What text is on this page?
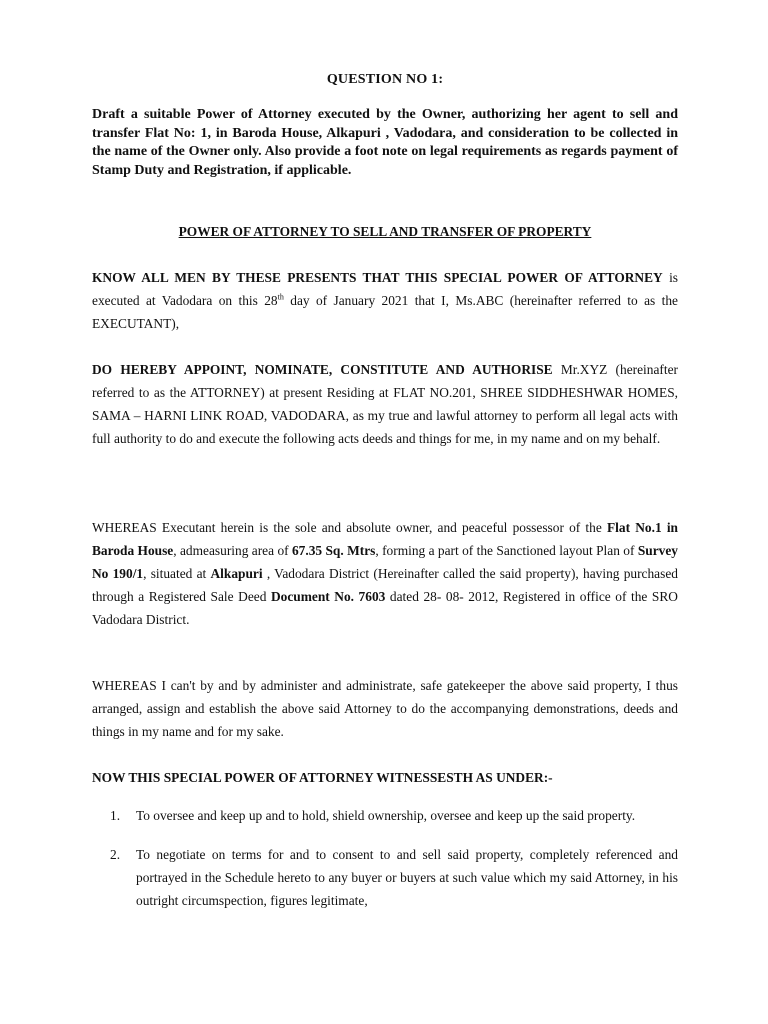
QUESTION NO 1:
Draft a suitable Power of Attorney executed by the Owner, authorizing her agent to sell and transfer Flat No: 1, in Baroda House, Alkapuri , Vadodara, and consideration to be collected in the name of the Owner only. Also provide a foot note on legal requirements as regards payment of Stamp Duty and Registration, if applicable.
POWER OF ATTORNEY TO SELL AND TRANSFER OF PROPERTY

KNOW ALL MEN BY THESE PRESENTS THAT THIS SPECIAL POWER OF ATTORNEY is executed at Vadodara on this 28th day of January 2021 that I, Ms.ABC (hereinafter referred to as the EXECUTANT),

DO HEREBY APPOINT, NOMINATE, CONSTITUTE AND AUTHORISE Mr.XYZ (hereinafter referred to as the ATTORNEY) at present Residing at FLAT NO.201, SHREE SIDDHESHWAR HOMES, SAMA – HARNI LINK ROAD, VADODARA, as my true and lawful attorney to perform all legal acts with full authority to do and execute the following acts deeds and things for me, in my name and on my behalf.

WHEREAS Executant herein is the sole and absolute owner, and peaceful possessor of the Flat No.1 in Baroda House, admeasuring area of 67.35 Sq. Mtrs, forming a part of the Sanctioned layout Plan of Survey No 190/1, situated at Alkapuri , Vadodara District (Hereinafter called the said property), having purchased through a Registered Sale Deed Document No. 7603 dated 28- 08- 2012, Registered in office of the SRO Vadodara District.

WHEREAS I can't by and by administer and administrate, safe gatekeeper the above said property, I thus arranged, assign and establish the above said Attorney to do the accompanying demonstrations, deeds and things in my name and for my sake.

NOW THIS SPECIAL POWER OF ATTORNEY WITNESSESTH AS UNDER:-

1. To oversee and keep up and to hold, shield ownership, oversee and keep up the said property.
2. To negotiate on terms for and to consent to and sell said property, completely referenced and portrayed in the Schedule hereto to any buyer or buyers at such value which my said Attorney, in his outright circumspection, figures legitimate,
